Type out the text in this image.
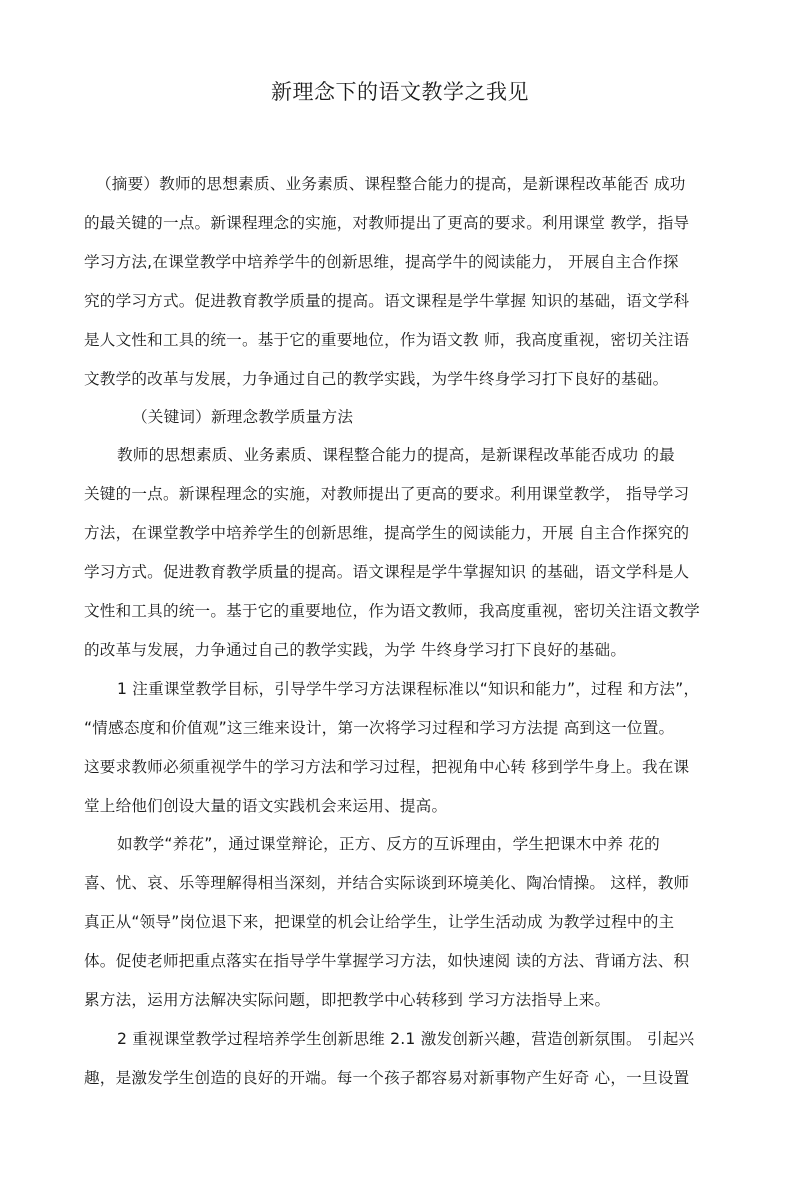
新理念下的语文教学之我见
（摘要）教师的思想素质、业务素质、课程整合能力的提高，是新课程改革能否 成功
的最关键的一点。新课程理念的实施，对教师提出了更高的要求。利用课堂 教学，指导
学习方法,在课堂教学中培养学牛的创新思维，提高学牛的阅读能力， 开展自主合作探
究的学习方式。促进教育教学质量的提高。语文课程是学牛掌握 知识的基础，语文学科
是人文性和工具的统一。基于它的重要地位，作为语文教 师，我高度重视，密切关注语
文教学的改革与发展，力争通过自己的教学实践，为学牛终身学习打下良好的基础。
（关键词）新理念教学质量方法
教师的思想素质、业务素质、课程整合能力的提高，是新课程改革能否成功 的最
关键的一点。新课程理念的实施，对教师提出了更高的要求。利用课堂教学， 指导学习
方法，在课堂教学中培养学生的创新思维，提高学生的阅读能力，开展 自主合作探究的
学习方式。促进教育教学质量的提高。语文课程是学牛掌握知识 的基础，语文学科是人
文性和工具的统一。基于它的重要地位，作为语文教师，我高度重视，密切关注语文教学
的改革与发展，力争通过自己的教学实践，为学 牛终身学习打下良好的基础。
1 注重课堂教学目标，引导学牛学习方法课程标准以“知识和能力”，过程 和方法”，
“情感态度和价值观”这三维来设计，第一次将学习过程和学习方法提 高到这一位置。
这要求教师必须重视学牛的学习方法和学习过程，把视角中心转 移到学牛身上。我在课
堂上给他们创设大量的语文实践机会来运用、提高。
如教学“养花”，通过课堂辩论，正方、反方的互诉理由，学生把课木中养 花的
喜、忧、哀、乐等理解得相当深刻，并结合实际谈到环境美化、陶冶情操。 这样，教师
真正从“领导”岗位退下来，把课堂的机会让给学生，让学生活动成 为教学过程中的主
体。促使老师把重点落实在指导学牛掌握学习方法，如快速阅 读的方法、背诵方法、积
累方法，运用方法解决实际问题，即把教学中心转移到 学习方法指导上来。
2 重视课堂教学过程培养学生创新思维 2.1 激发创新兴趣，营造创新氛围。 引起兴
趣，是激发学生创造的良好的开端。每一个孩子都容易对新事物产生好奇 心，一旦设置
